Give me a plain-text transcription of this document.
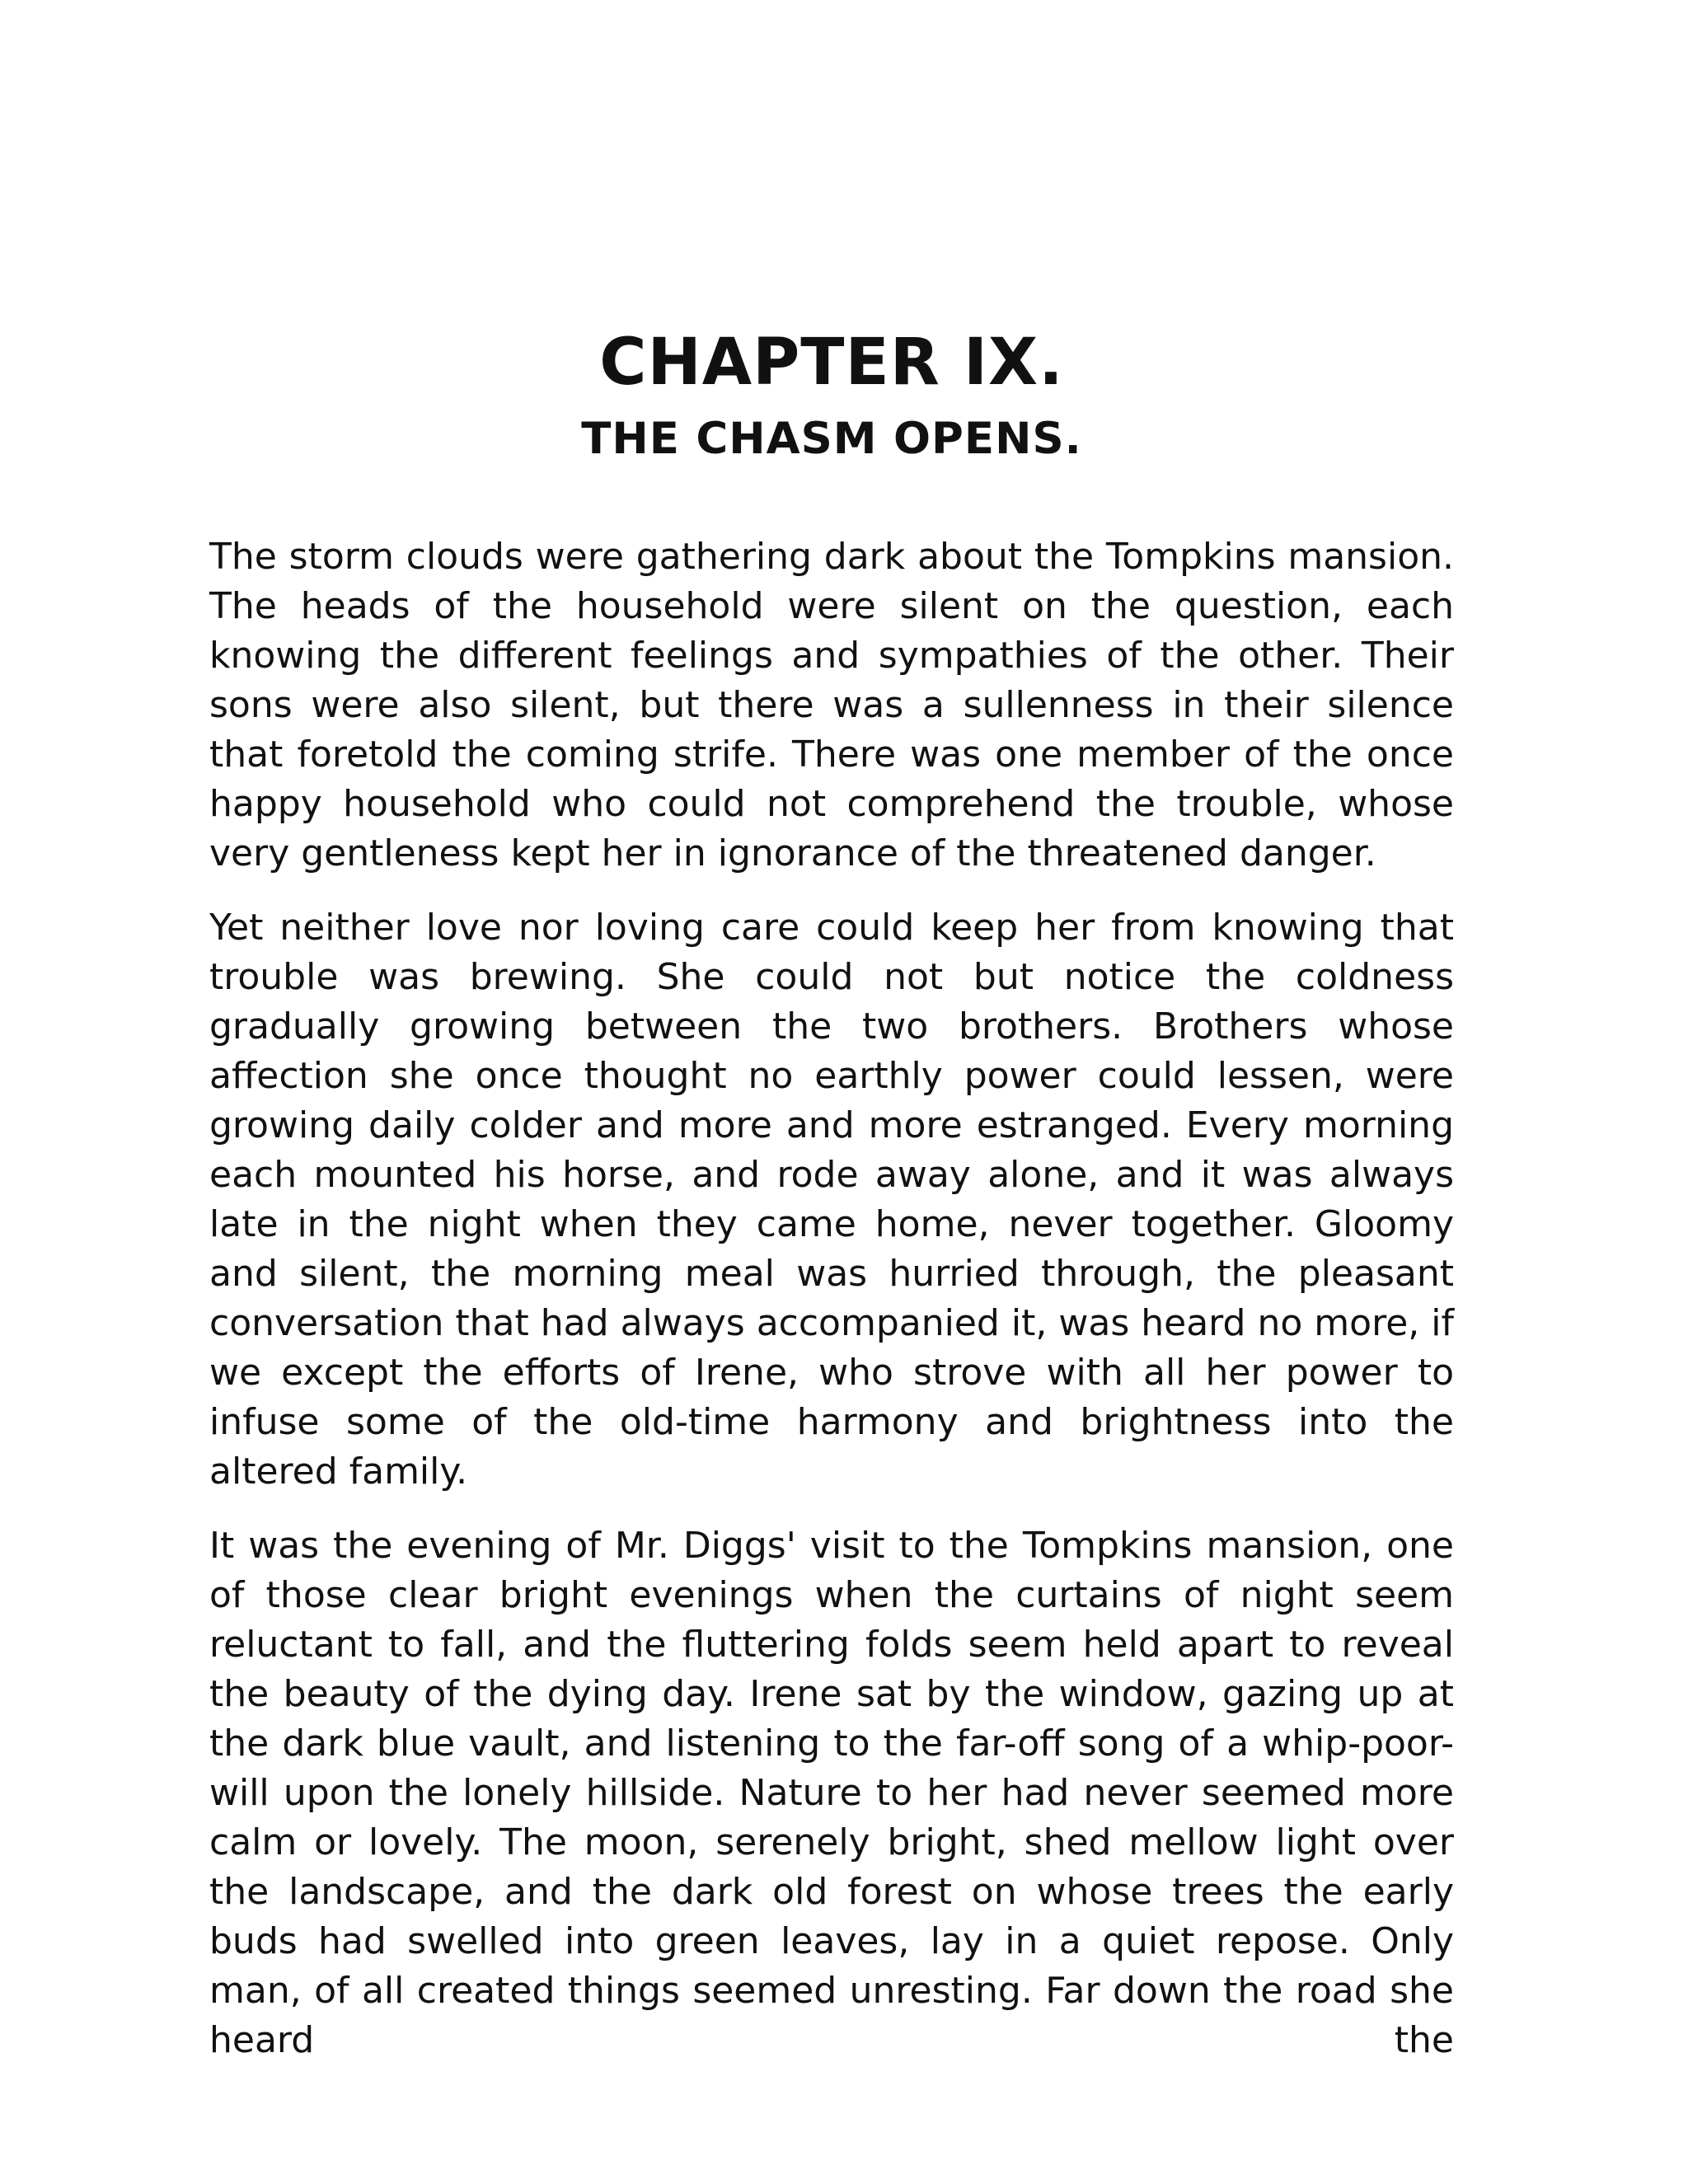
CHAPTER IX.
THE CHASM OPENS.

The storm clouds were gathering dark about the Tompkins mansion. The heads of the household were silent on the question, each knowing the different feelings and sympathies of the other. Their sons were also silent, but there was a sullenness in their silence that foretold the coming strife. There was one member of the once happy household who could not comprehend the trouble, whose very gentleness kept her in ignorance of the threatened danger.

Yet neither love nor loving care could keep her from knowing that trouble was brewing. She could not but notice the coldness gradually growing between the two brothers. Brothers whose affection she once thought no earthly power could lessen, were growing daily colder and more and more estranged. Every morning each mounted his horse, and rode away alone, and it was always late in the night when they came home, never together. Gloomy and silent, the morning meal was hurried through, the pleasant conversation that had always accompanied it, was heard no more, if we except the efforts of Irene, who strove with all her power to infuse some of the old-time harmony and brightness into the altered family.

It was the evening of Mr. Diggs' visit to the Tompkins mansion, one of those clear bright evenings when the curtains of night seem reluctant to fall, and the fluttering folds seem held apart to reveal the beauty of the dying day. Irene sat by the window, gazing up at the dark blue vault, and listening to the far-off song of a whip-poor-will upon the lonely hillside. Nature to her had never seemed more calm or lovely. The moon, serenely bright, shed mellow light over the landscape, and the dark old forest on whose trees the early buds had swelled into green leaves, lay in a quiet repose. Only man, of all created things seemed unresting. Far down the road she heard the
